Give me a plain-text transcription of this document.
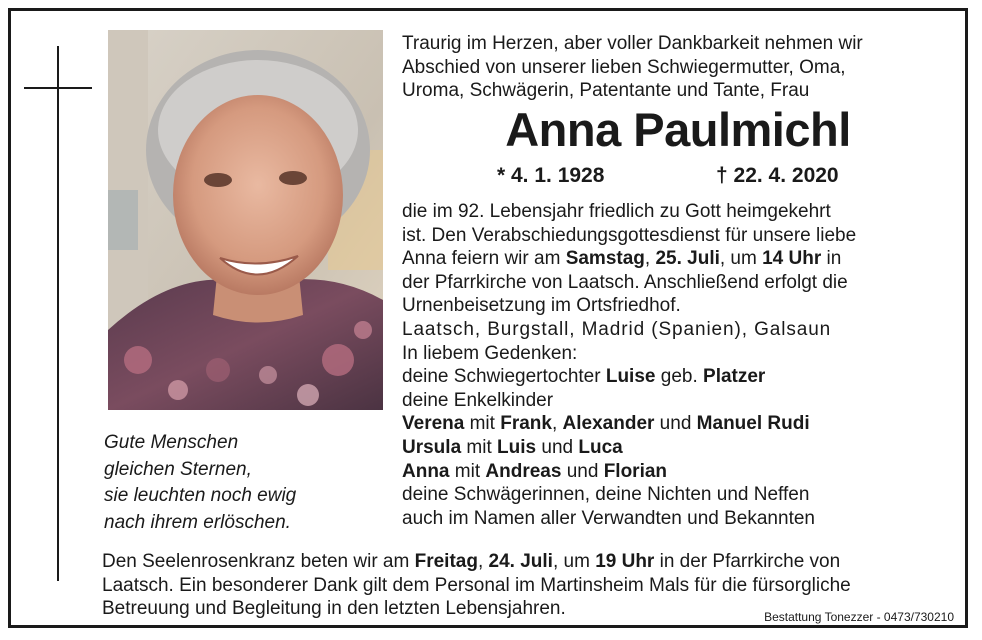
Gute Menschen
gleichen Sternen,
sie leuchten noch ewig
nach ihrem erlöschen.
Traurig im Herzen, aber voller Dankbarkeit nehmen wir
Abschied von unserer lieben Schwiegermutter, Oma,
Uroma, Schwägerin, Patentante und Tante, Frau
Anna Paulmichl
* 4. 1. 1928	† 22. 4. 2020
die im 92. Lebensjahr friedlich zu Gott heimgekehrt
ist. Den Verabschiedungsgottesdienst für unsere liebe
Anna feiern wir am Samstag, 25. Juli, um 14 Uhr in
der Pfarrkirche von Laatsch. Anschließend erfolgt die
Urnenbeisetzung im Ortsfriedhof.
Laatsch, Burgstall, Madrid (Spanien), Galsaun
In liebem Gedenken:
deine Schwiegertochter Luise geb. Platzer
deine Enkelkinder
Verena mit Frank, Alexander und Manuel Rudi
Ursula mit Luis und Luca
Anna mit Andreas und Florian
deine Schwägerinnen, deine Nichten und Neffen
auch im Namen aller Verwandten und Bekannten
Den Seelenrosenkranz beten wir am Freitag, 24. Juli, um 19 Uhr in der Pfarrkirche von
Laatsch. Ein besonderer Dank gilt dem Personal im Martinsheim Mals für die fürsorgliche
Betreuung und Begleitung in den letzten Lebensjahren.	Bestattung Tonezzer - 0473/730210
